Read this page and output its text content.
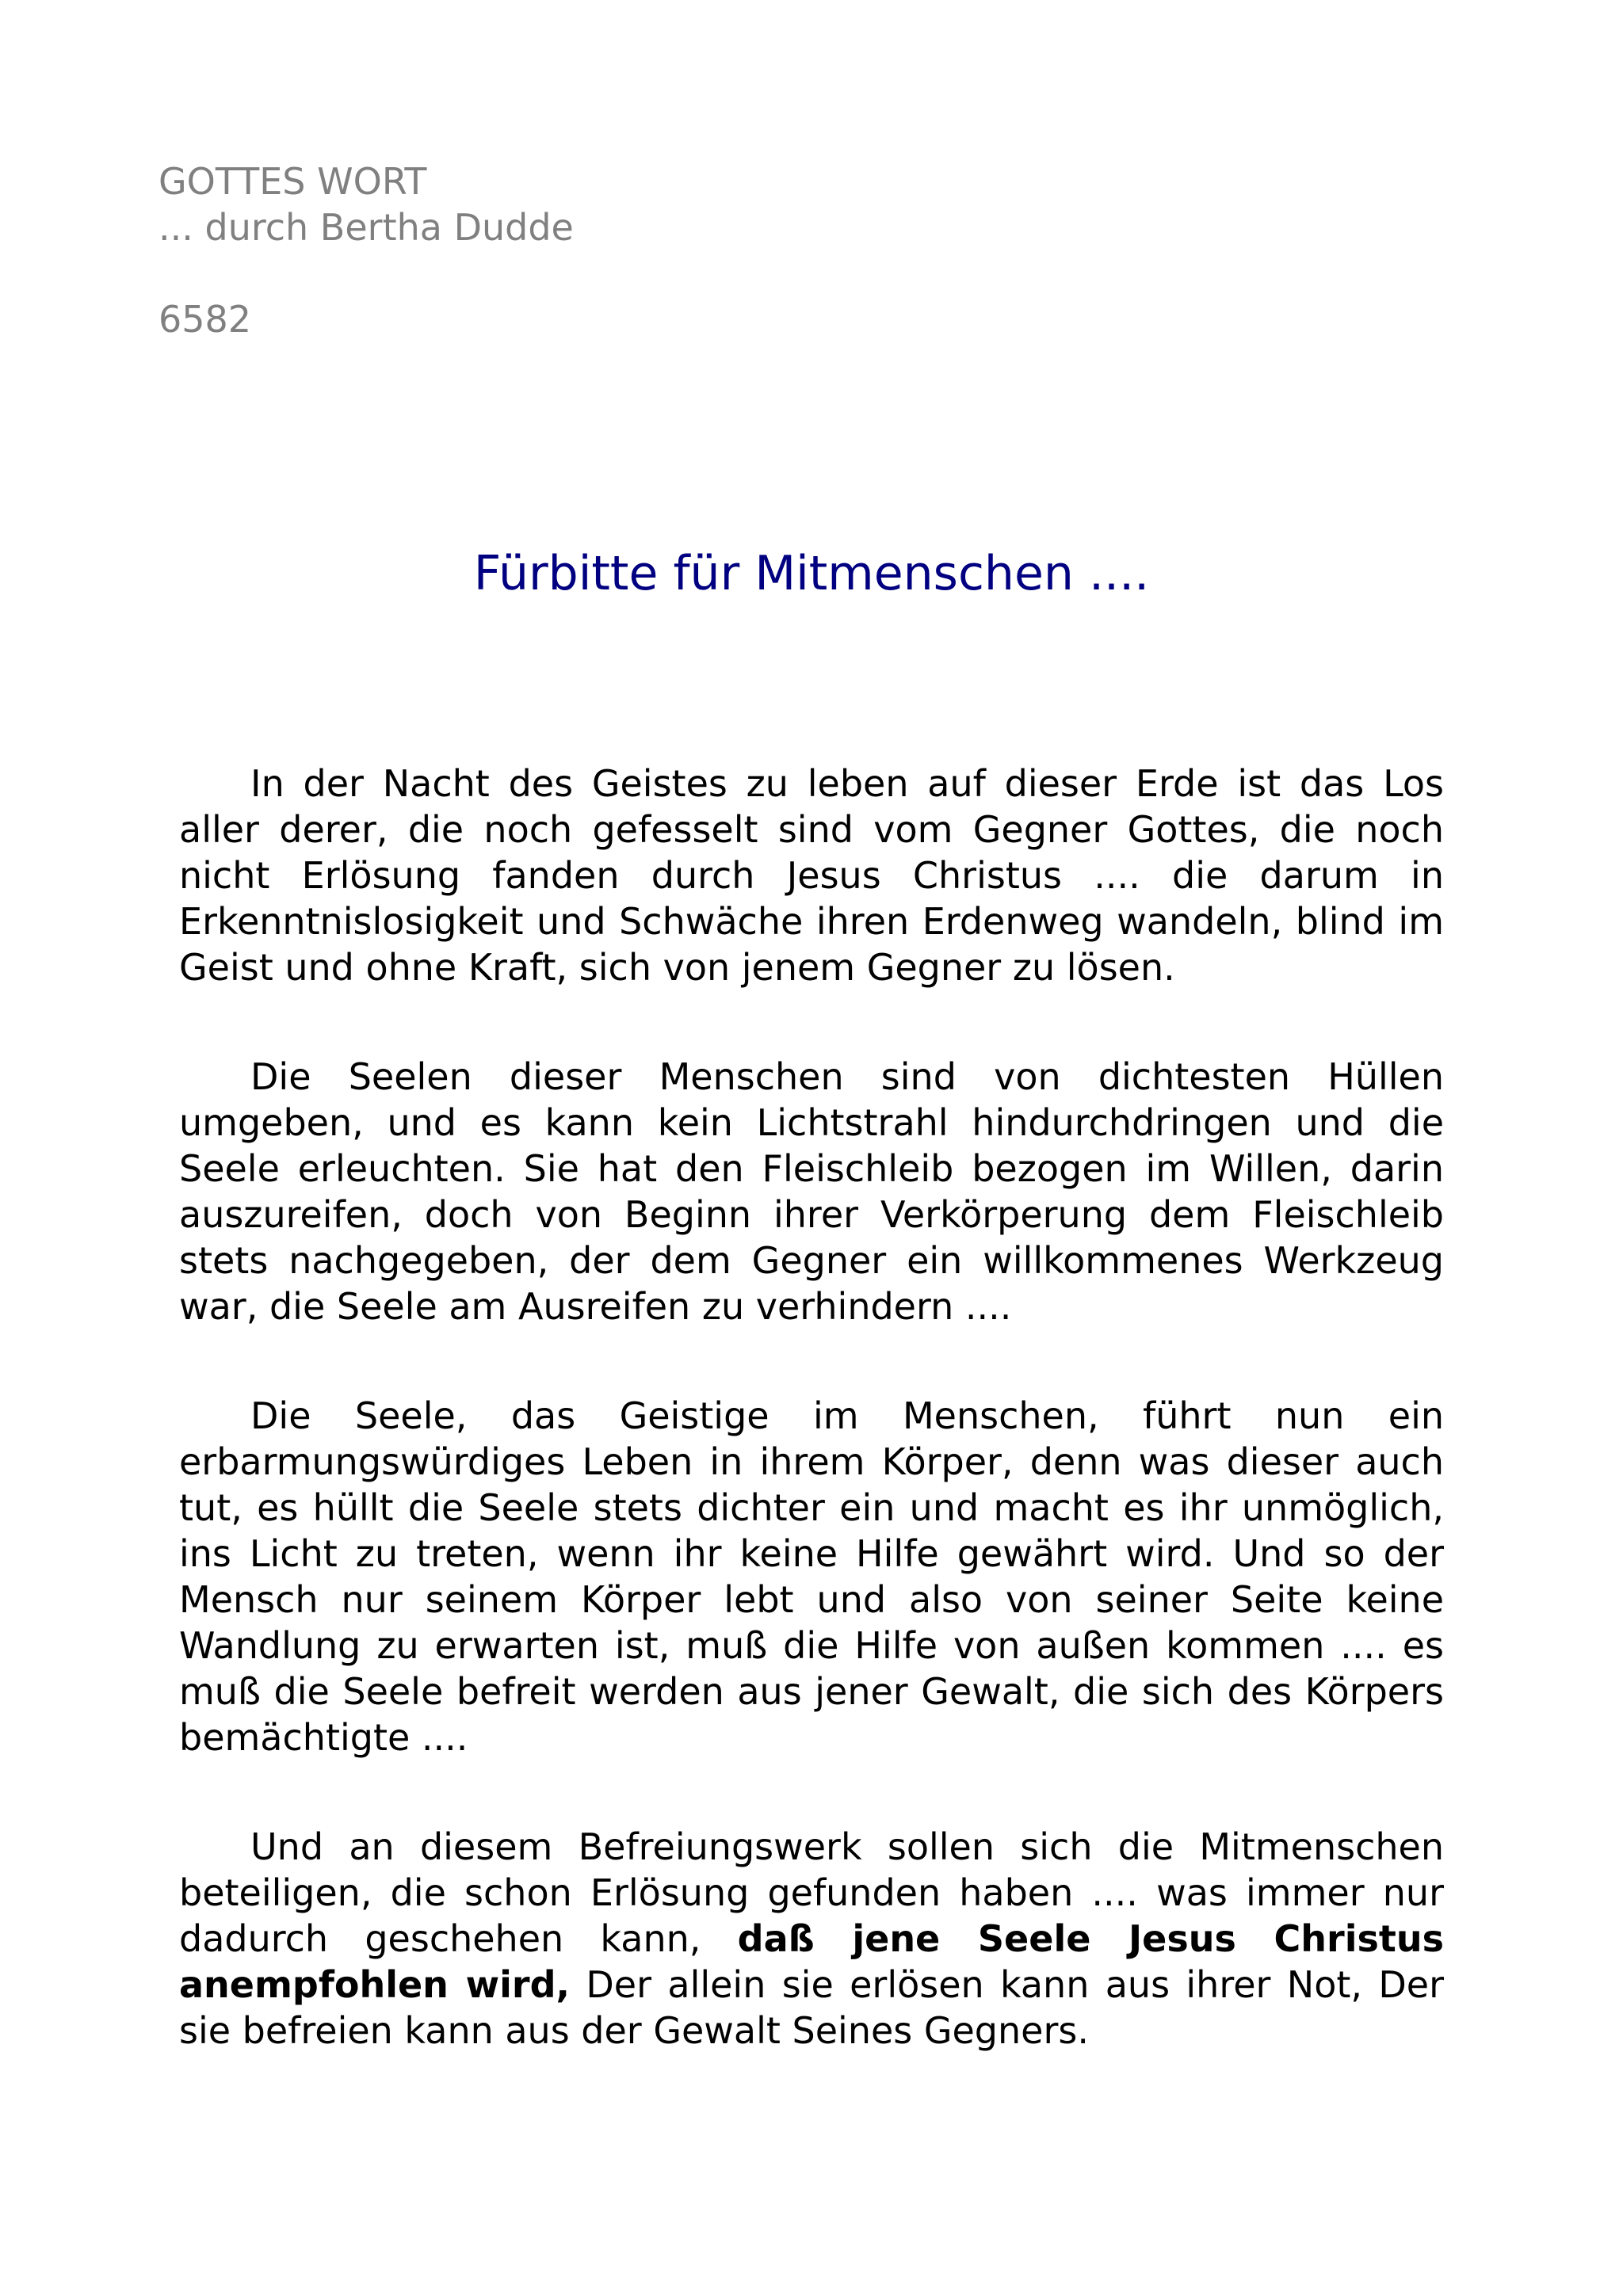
GOTTES WORT
... durch Bertha Dudde
6582
Fürbitte für Mitmenschen ....

In der Nacht des Geistes zu leben auf dieser Erde ist das Los aller derer, die noch gefesselt sind vom Gegner Gottes, die noch nicht Erlösung fanden durch Jesus Christus .... die darum in Erkenntnislosigkeit und Schwäche ihren Erdenweg wandeln, blind im Geist und ohne Kraft, sich von jenem Gegner zu lösen.

Die Seelen dieser Menschen sind von dichtesten Hüllen umgeben, und es kann kein Lichtstrahl hindurchdringen und die Seele erleuchten. Sie hat den Fleischleib bezogen im Willen, darin auszureifen, doch von Beginn ihrer Verkörperung dem Fleischleib stets nachgegeben, der dem Gegner ein willkommenes Werkzeug war, die Seele am Ausreifen zu verhindern ....

Die Seele, das Geistige im Menschen, führt nun ein erbarmungswürdiges Leben in ihrem Körper, denn was dieser auch tut, es hüllt die Seele stets dichter ein und macht es ihr unmöglich, ins Licht zu treten, wenn ihr keine Hilfe gewährt wird. Und so der Mensch nur seinem Körper lebt und also von seiner Seite keine Wandlung zu erwarten ist, muß die Hilfe von außen kommen .... es muß die Seele befreit werden aus jener Gewalt, die sich des Körpers bemächtigte ....

Und an diesem Befreiungswerk sollen sich die Mitmenschen beteiligen, die schon Erlösung gefunden haben .... was immer nur dadurch geschehen kann, daß jene Seele Jesus Christus anempfohlen wird, Der allein sie erlösen kann aus ihrer Not, Der sie befreien kann aus der Gewalt Seines Gegners.
